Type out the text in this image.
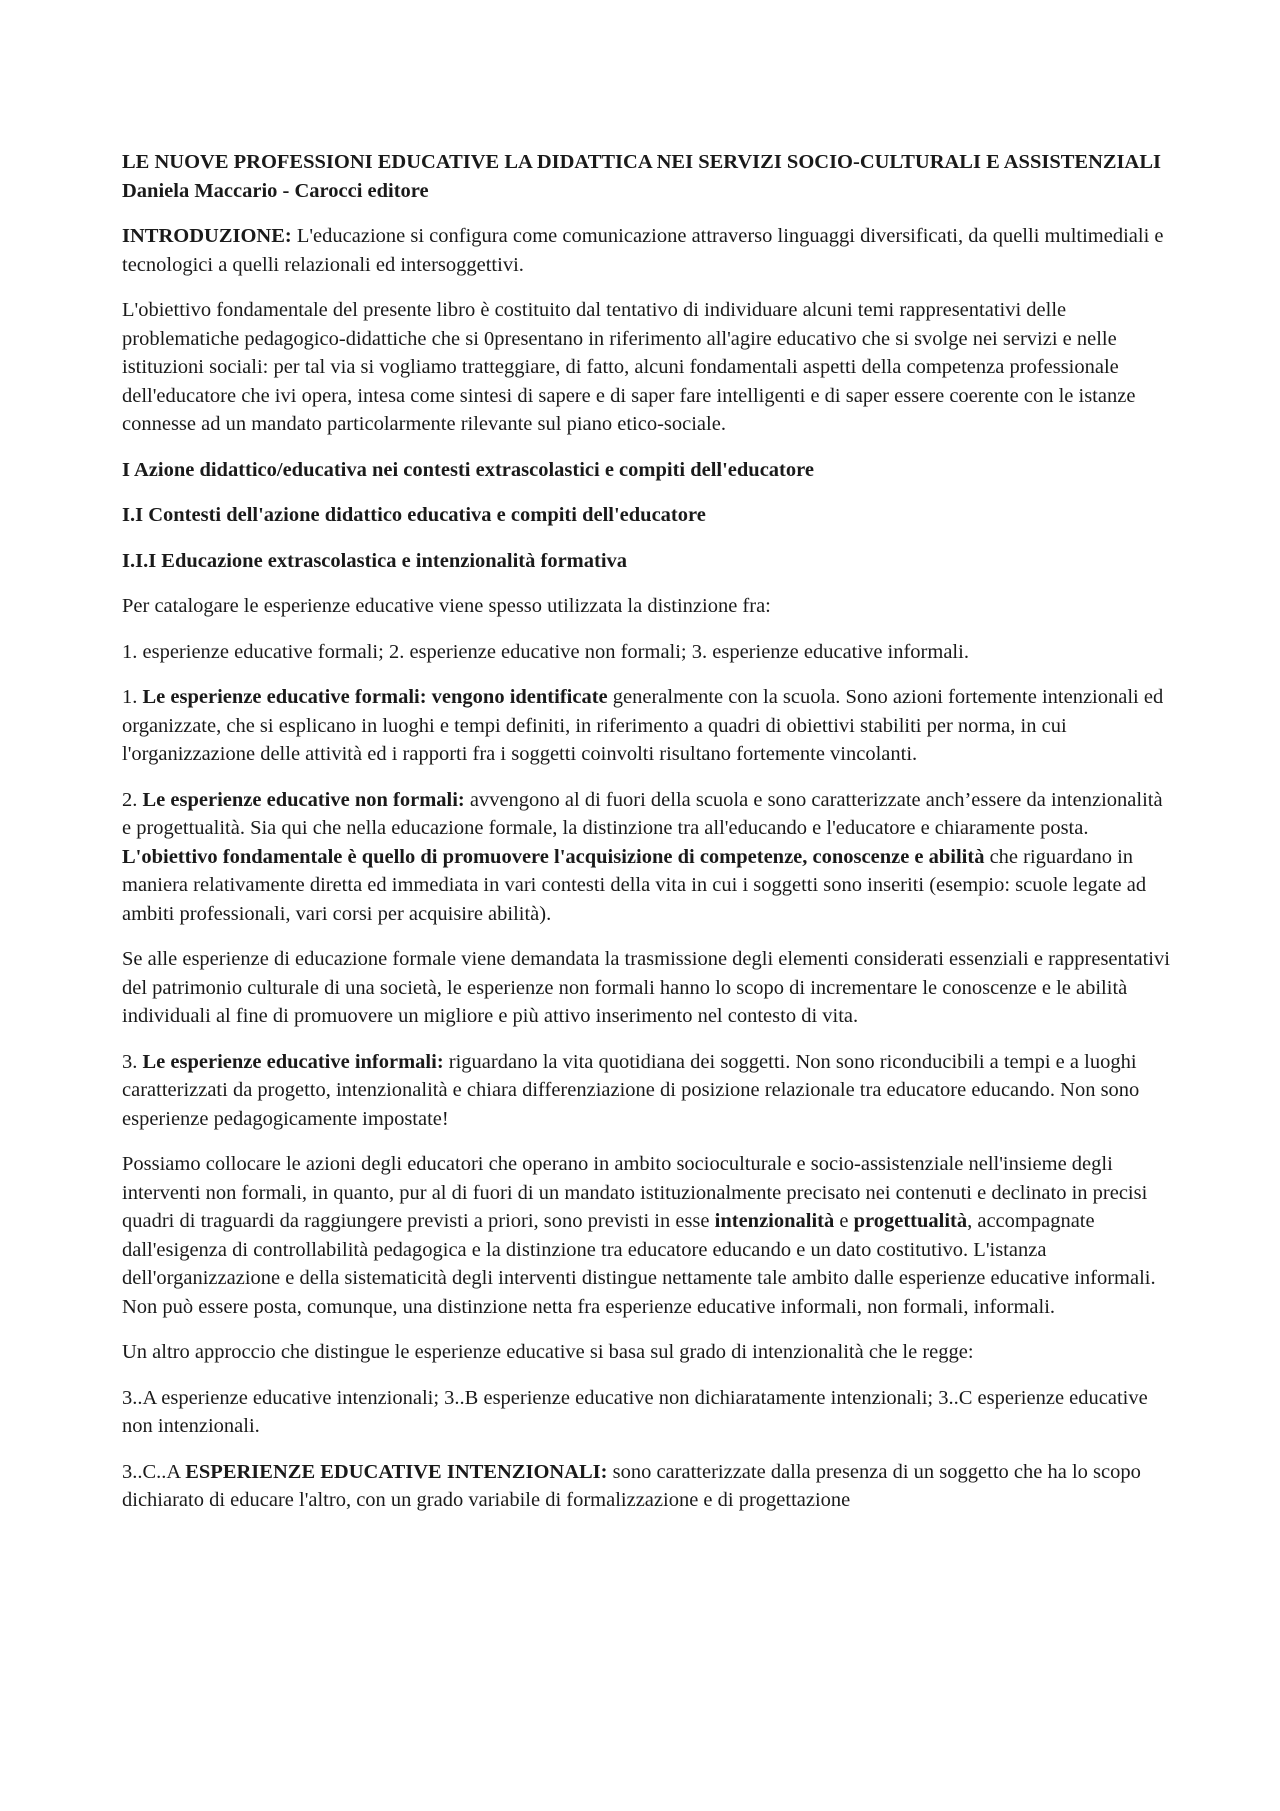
LE NUOVE PROFESSIONI EDUCATIVE LA DIDATTICA NEI SERVIZI SOCIO-CULTURALI E ASSISTENZIALI Daniela Maccario - Carocci editore

INTRODUZIONE: L'educazione si configura come comunicazione attraverso linguaggi diversificati, da quelli multimediali e tecnologici a quelli relazionali ed intersoggettivi.

L'obiettivo fondamentale del presente libro è costituito dal tentativo di individuare alcuni temi rappresentativi delle problematiche pedagogico-didattiche che si 0presentano in riferimento all'agire educativo che si svolge nei servizi e nelle istituzioni sociali: per tal via si vogliamo tratteggiare, di fatto, alcuni fondamentali aspetti della competenza professionale dell'educatore che ivi opera, intesa come sintesi di sapere e di saper fare intelligenti e di saper essere coerente con le istanze connesse ad un mandato particolarmente rilevante sul piano etico-sociale.

I Azione didattico/educativa nei contesti extrascolastici e compiti dell'educatore
I.I Contesti dell'azione didattico educativa e compiti dell'educatore
I.I.I Educazione extrascolastica e intenzionalità formativa

Per catalogare le esperienze educative viene spesso utilizzata la distinzione fra:

1. esperienze educative formali; 2. esperienze educative non formali; 3. esperienze educative informali.

1. Le esperienze educative formali: vengono identificate generalmente con la scuola. Sono azioni fortemente intenzionali ed organizzate, che si esplicano in luoghi e tempi definiti, in riferimento a quadri di obiettivi stabiliti per norma, in cui l'organizzazione delle attività ed i rapporti fra i soggetti coinvolti risultano fortemente vincolanti.

2. Le esperienze educative non formali: avvengono al di fuori della scuola e sono caratterizzate anch’essere da intenzionalità e progettualità. Sia qui che nella educazione formale, la distinzione tra all'educando e l'educatore e chiaramente posta. L'obiettivo fondamentale è quello di promuovere l'acquisizione di competenze, conoscenze e abilità che riguardano in maniera relativamente diretta ed immediata in vari contesti della vita in cui i soggetti sono inseriti (esempio: scuole legate ad ambiti professionali, vari corsi per acquisire abilità).

Se alle esperienze di educazione formale viene demandata la trasmissione degli elementi considerati essenziali e rappresentativi del patrimonio culturale di una società, le esperienze non formali hanno lo scopo di incrementare le conoscenze e le abilità individuali al fine di promuovere un migliore e più attivo inserimento nel contesto di vita.

3. Le esperienze educative informali: riguardano la vita quotidiana dei soggetti. Non sono riconducibili a tempi e a luoghi caratterizzati da progetto, intenzionalità e chiara differenziazione di posizione relazionale tra educatore educando. Non sono esperienze pedagogicamente impostate!

Possiamo collocare le azioni degli educatori che operano in ambito socioculturale e socio-assistenziale nell'insieme degli interventi non formali, in quanto, pur al di fuori di un mandato istituzionalmente precisato nei contenuti e declinato in precisi quadri di traguardi da raggiungere previsti a priori, sono previsti in esse intenzionalità e progettualità, accompagnate dall'esigenza di controllabilità pedagogica e la distinzione tra educatore educando e un dato costitutivo. L'istanza dell'organizzazione e della sistematicità degli interventi distingue nettamente tale ambito dalle esperienze educative informali. Non può essere posta, comunque, una distinzione netta fra esperienze educative informali, non formali, informali.

Un altro approccio che distingue le esperienze educative si basa sul grado di intenzionalità che le regge:

3..A esperienze educative intenzionali; 3..B esperienze educative non dichiaratamente intenzionali; 3..C esperienze educative non intenzionali.

3..C..A ESPERIENZE EDUCATIVE INTENZIONALI: sono caratterizzate dalla presenza di un soggetto che ha lo scopo dichiarato di educare l'altro, con un grado variabile di formalizzazione e di progettazione
